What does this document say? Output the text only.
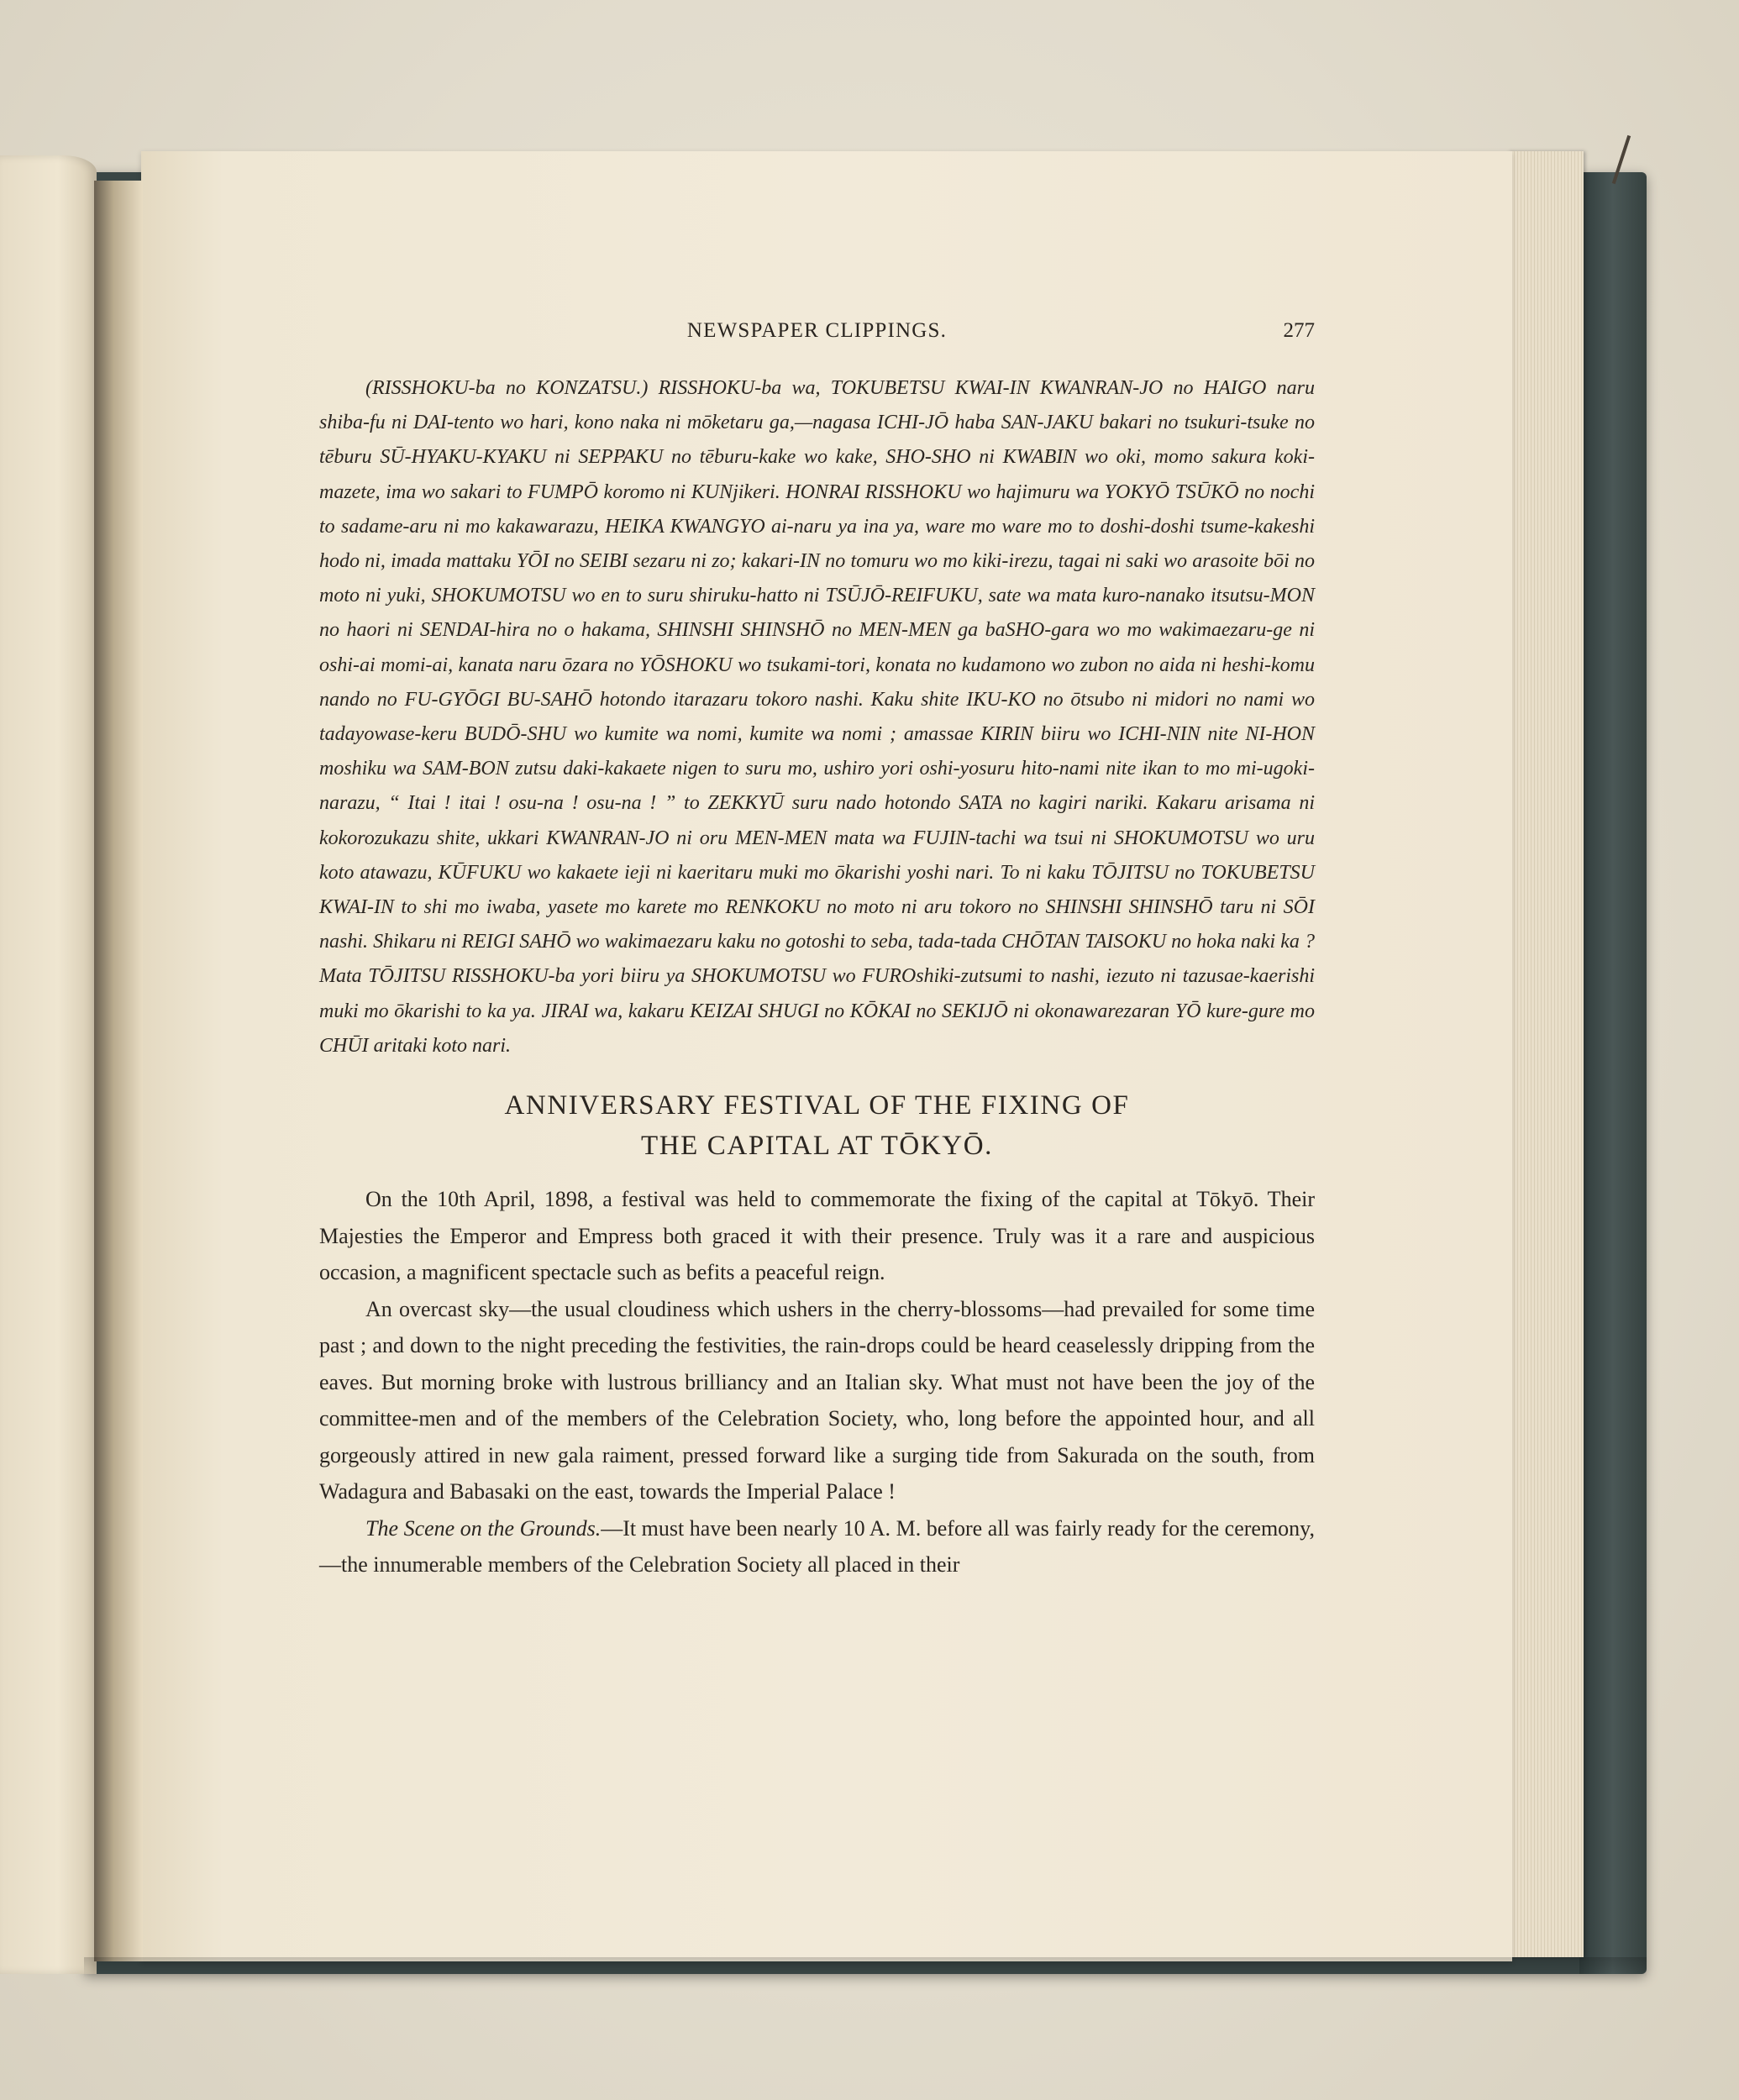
NEWSPAPER CLIPPINGS.	277

(RISSHOKU-ba no KONZATSU.) RISSHOKU-ba wa, TOKUBETSU KWAI-IN KWANRAN-JO no HAIGO naru shiba-fu ni DAI-tento wo hari, kono naka ni mōketaru ga,—nagasa ICHI-JŌ haba SAN-JAKU bakari no tsukuri-tsuke no tēburu SŪ-HYAKU-KYAKU ni SEPPAKU no tēburu-kake wo kake, SHO-SHO ni KWABIN wo oki, momo sakura koki-mazete, ima wo sakari to FUMPŌ koromo ni KUNjikeri. HONRAI RISSHOKU wo hajimuru wa YOKYŌ TSŪKŌ no nochi to sadame-aru ni mo kakawarazu, HEIKA KWANGYO ai-naru ya ina ya, ware mo ware mo to doshi-doshi tsume-kakeshi hodo ni, imada mattaku YŌI no SEIBI sezaru ni zo; kakari-IN no tomuru wo mo kiki-irezu, tagai ni saki wo arasoite bōi no moto ni yuki, SHOKUMOTSU wo en to suru shiruku-hatto ni TSŪJŌ-REIFUKU, sate wa mata kuro-nanako itsutsu-MON no haori ni SENDAI-hira no o hakama, SHINSHI SHINSHŌ no MEN-MEN ga baSHO-gara wo mo wakimaezaru-ge ni oshi-ai momi-ai, kanata naru ōzara no YŌSHOKU wo tsukami-tori, konata no kudamono wo zubon no aida ni heshi-komu nando no FU-GYŌGI BU-SAHŌ hotondo itarazaru tokoro nashi. Kaku shite IKU-KO no ōtsubo ni midori no nami wo tadayowase-keru BUDŌ-SHU wo kumite wa nomi, kumite wa nomi ; amassae KIRIN biiru wo ICHI-NIN nite NI-HON moshiku wa SAM-BON zutsu daki-kakaete nigen to suru mo, ushiro yori oshi-yosuru hito-nami nite ikan to mo mi-ugoki-narazu, “ Itai ! itai ! osu-na ! osu-na ! ” to ZEKKYŪ suru nado hotondo SATA no kagiri nariki. Kakaru arisama ni kokorozukazu shite, ukkari KWANRAN-JO ni oru MEN-MEN mata wa FUJIN-tachi wa tsui ni SHOKUMOTSU wo uru koto atawazu, KŪFUKU wo kakaete ieji ni kaeritaru muki mo ōkarishi yoshi nari. To ni kaku TŌJITSU no TOKUBETSU KWAI-IN to shi mo iwaba, yasete mo karete mo RENKOKU no moto ni aru tokoro no SHINSHI SHINSHŌ taru ni SŌI nashi. Shikaru ni REIGI SAHŌ wo wakimaezaru kaku no gotoshi to seba, tada-tada CHŌTAN TAISOKU no hoka naki ka ? Mata TŌJITSU RISSHOKU-ba yori biiru ya SHOKUMOTSU wo FUROshiki-zutsumi to nashi, iezuto ni tazusae-kaerishi muki mo ōkarishi to ka ya. JIRAI wa, kakaru KEIZAI SHUGI no KŌKAI no SEKIJŌ ni okonawarezaran YŌ kure-gure mo CHŪI aritaki koto nari.

ANNIVERSARY FESTIVAL OF THE FIXING OF
THE CAPITAL AT TŌKYŌ.

On the 10th April, 1898, a festival was held to commemorate the fixing of the capital at Tōkyō. Their Majesties the Emperor and Empress both graced it with their presence. Truly was it a rare and auspicious occasion, a magnificent spectacle such as befits a peaceful reign.

An overcast sky—the usual cloudiness which ushers in the cherry-blossoms—had prevailed for some time past ; and down to the night preceding the festivities, the rain-drops could be heard ceaselessly dripping from the eaves. But morning broke with lustrous brilliancy and an Italian sky. What must not have been the joy of the committee-men and of the members of the Celebration Society, who, long before the appointed hour, and all gorgeously attired in new gala raiment, pressed forward like a surging tide from Sakurada on the south, from Wadagura and Babasaki on the east, towards the Imperial Palace !

The Scene on the Grounds.—It must have been nearly 10 A. M. before all was fairly ready for the ceremony,—the innumerable members of the Celebration Society all placed in their
